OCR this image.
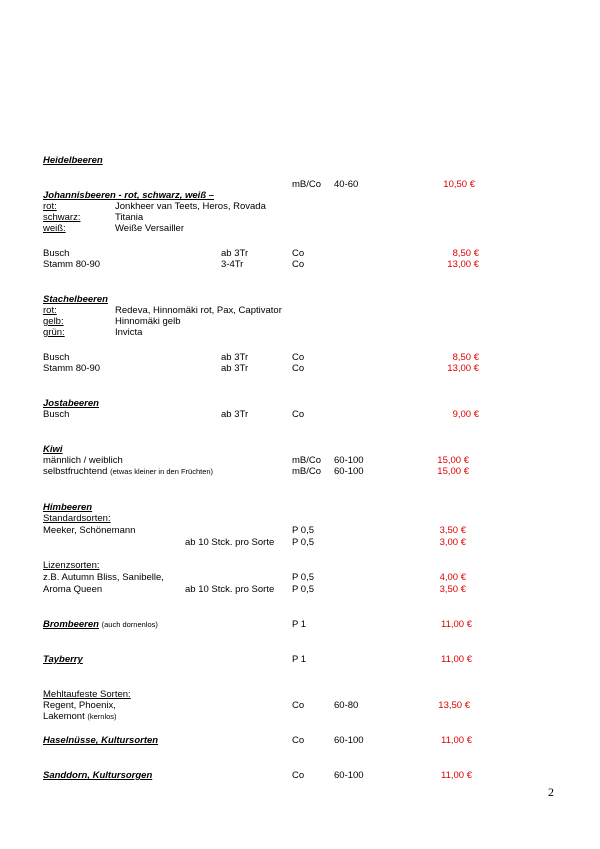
Heidelbeeren
mB/Co 40-60	10,50 €
Johannisbeeren - rot, schwarz, weiß –
rot:	Jonkheer van Teets, Heros, Rovada
schwarz:	Titania
weiß:	Weiße Versailler
Busch	ab 3Tr	Co	8,50 €
Stamm 80-90	3-4Tr	Co	13,00 €
Stachelbeeren
rot:	Redeva, Hinnomäki rot, Pax, Captivator
gelb:	Hinnomäki gelb
grün:	Invicta
Busch	ab 3Tr	Co	8,50 €
Stamm 80-90	ab 3Tr	Co	13,00 €
Jostabeeren
Busch	ab 3Tr	Co	9,00 €
Kiwi
männlich / weiblich	mB/Co 60-100	15,00 €
selbstfruchtend (etwas kleiner in den Früchten)	mB/Co 60-100	15,00 €
Himbeeren
Standardsorten:
Meeker, Schönemann	P 0,5	3,50 €
ab 10 Stck. pro Sorte P 0,5	3,00 €
Lizenzsorten:
z.B. Autumn Bliss, Sanibelle,	P 0,5	4,00 €
Aroma Queen	ab 10 Stck. pro Sorte P 0,5	3,50 €
Brombeeren (auch dornenlos)	P 1	11,00 €
Tayberry	P 1	11,00 €
Mehltaufeste Sorten:
Regent, Phoenix,	Co	60-80	13,50 €
Lakemont (kernlos)
Haselnüsse, Kultursorten	Co	60-100	11,00 €
Sanddorn, Kultursorgen	Co	60-100	11,00 €
2
